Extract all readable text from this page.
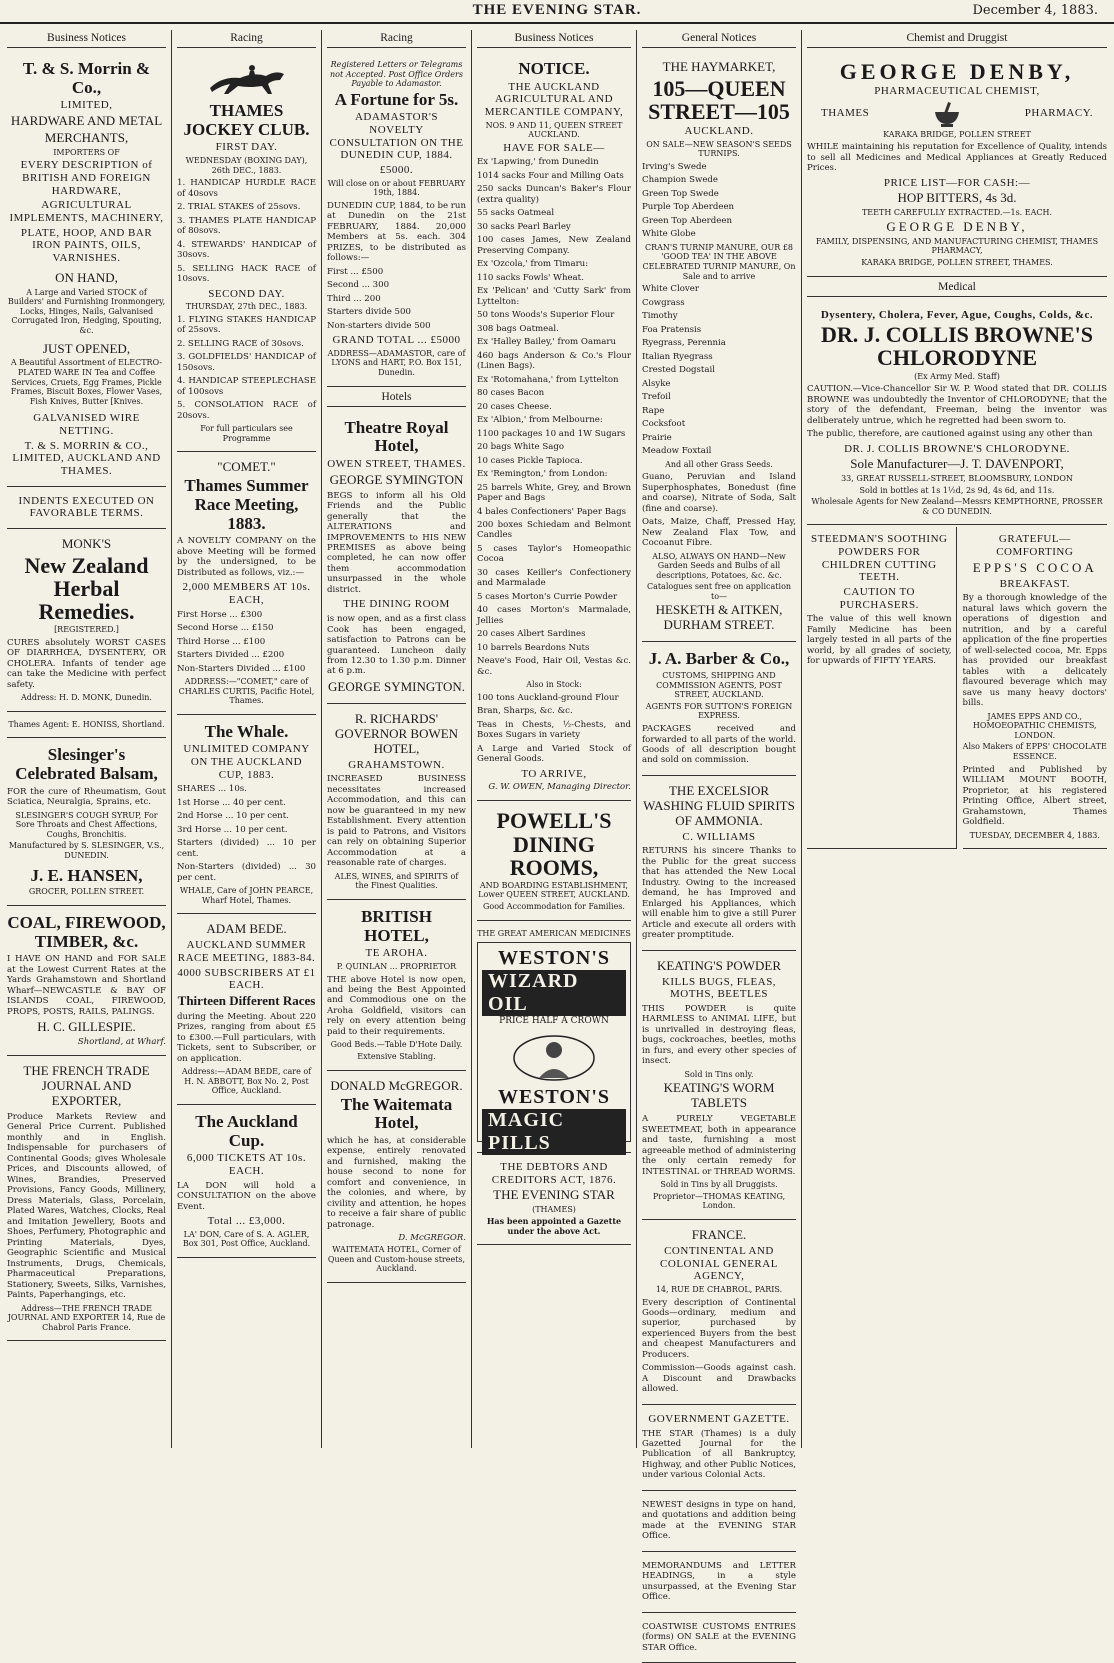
THE EVENING STAR.	December 4, 1883.
Business Notices
T. & S. Morrin & Co.,
LIMITED,
HARDWARE AND METAL
MERCHANTS,
IMPORTERS OF
EVERY DESCRIPTION of BRITISH AND FOREIGN HARDWARE,
AGRICULTURAL IMPLEMENTS, MACHINERY,
PLATE, HOOP, AND BAR IRON PAINTS, OILS, VARNISHES.
ON HAND,
A Large and Varied STOCK of Builders' and Furnishing Ironmongery, Locks, Hinges, Nails, Galvanised Corrugated Iron, Hedging, Spouting, &c.
JUST OPENED,
A Beautiful Assortment of ELECTRO-PLATED WARE IN Tea and Coffee Services, Cruets, Egg Frames, Pickle Frames, Biscuit Boxes, Flower Vases, Fish Knives, Butter [Knives.
GALVANISED WIRE NETTING.
T. & S. MORRIN & CO., LIMITED, AUCKLAND AND THAMES.
INDENTS EXECUTED ON FAVORABLE TERMS.
MONK'S
New Zealand Herbal Remedies.
[REGISTERED.]
CURES absolutely WORST CASES OF DIARRHŒA, DYSENTERY, OR CHOLERA. Infants of tender age can take the Medicine with perfect safety.
Address: H. D. MONK, Dunedin.
Thames Agent: E. HONISS, Shortland.
Slesinger's Celebrated Balsam,
FOR the cure of Rheumatism, Gout Sciatica, Neuralgia, Sprains, etc.
SLESINGER'S COUGH SYRUP, For Sore Throats and Chest Affections, Coughs, Bronchitis.
Manufactured by S. SLESINGER, V.S., DUNEDIN.
J. E. HANSEN,
GROCER, POLLEN STREET.
COAL, FIREWOOD, TIMBER, &c.
I HAVE ON HAND and FOR SALE at the Lowest Current Rates at the Yards Grahamstown and Shortland Wharf—NEWCASTLE & BAY OF ISLANDS COAL, FIREWOOD, PROPS, POSTS, RAILS, PALINGS.
H. C. GILLESPIE.
Shortland, at Wharf.
THE FRENCH TRADE JOURNAL AND EXPORTER,
Produce Markets Review and General Price Current. Published monthly and in English. Indispensable for purchasers of Continental Goods; gives Wholesale Prices, and Discounts allowed, of Wines, Brandies, Preserved Provisions, Fancy Goods, Millinery, Dress Materials, Glass, Porcelain, Plated Wares, Watches, Clocks, Real and Imitation Jewellery, Boots and Shoes, Perfumery, Photographic and Printing Materials, Dyes, Geographic Scientific and Musical Instruments, Drugs, Chemicals, Pharmaceutical Preparations, Stationery, Sweets, Silks, Varnishes, Paints, Paperhangings, etc.
Address—THE FRENCH TRADE JOURNAL AND EXPORTER 14, Rue de Chabrol Paris France.
Racing
THAMES JOCKEY CLUB.
FIRST DAY.
WEDNESDAY (BOXING DAY), 26th DEC., 1883.
1. HANDICAP HURDLE RACE of 40sovs
2. TRIAL STAKES of 25sovs.
3. THAMES PLATE HANDICAP of 80sovs.
4. STEWARDS' HANDICAP of 30sovs.
5. SELLING HACK RACE of 10sovs.
SECOND DAY.
THURSDAY, 27th DEC., 1883.
1. FLYING STAKES HANDICAP of 25sovs.
2. SELLING RACE of 30sovs.
3. GOLDFIELDS' HANDICAP of 150sovs.
4. HANDICAP STEEPLECHASE of 100sovs
5. CONSOLATION RACE of 20sovs.
For full particulars see Programme
"COMET."
Thames Summer Race Meeting, 1883.
A NOVELTY COMPANY on the above Meeting will be formed by the undersigned, to be Distributed as follows, viz.:—
2,000 MEMBERS AT 10s. EACH,
First Horse ... £300
Second Horse ... £150
Third Horse ... £100
Starters Divided ... £200
Non-Starters Divided ... £100
ADDRESS:—"COMET," care of CHARLES CURTIS, Pacific Hotel, Thames.
The Whale.
UNLIMITED COMPANY ON THE AUCKLAND CUP, 1883.
SHARES ... 10s.
1st Horse ... 40 per cent.
2nd Horse ... 10 per cent.
3rd Horse ... 10 per cent.
Starters (divided) ... 10 per cent.
Non-Starters (divided) ... 30 per cent.
WHALE, Care of JOHN PEARCE, Wharf Hotel, Thames.
ADAM BEDE.
AUCKLAND SUMMER RACE MEETING, 1883-84.
4000 SUBSCRIBERS AT £1 EACH.
Thirteen Different Races
during the Meeting. About 220 Prizes, ranging from about £5 to £300.—Full particulars, with Tickets, sent to Subscriber, or on application.
Address:—ADAM BEDE, care of H. N. ABBOTT, Box No. 2, Post Office, Auckland.
The Auckland Cup.
6,000 TICKETS AT 10s. EACH.
LA DON will hold a CONSULTATION on the above Event.
Total ... £3,000.
LA' DON, Care of S. A. AGLER, Box 301, Post Office, Auckland.
Racing
Registered Letters or Telegrams not Accepted. Post Office Orders Payable to Adamastor.
A Fortune for 5s.
ADAMASTOR'S NOVELTY CONSULTATION ON THE DUNEDIN CUP, 1884.
£5000.
Will close on or about FEBRUARY 19th, 1884.
DUNEDIN CUP, 1884, to be run at Dunedin on the 21st FEBRUARY, 1884. 20,000 Members at 5s. each. 304 PRIZES, to be distributed as follows:—
First ... £500
Second ... 300
Third ... 200
Starters divide 500
Non-starters divide 500
GRAND TOTAL ... £5000
ADDRESS—ADAMASTOR, care of LYONS and HART, P.O. Box 151, Dunedin.
Hotels
Theatre Royal Hotel,
OWEN STREET, THAMES.
GEORGE SYMINGTON
BEGS to inform all his Old Friends and the Public generally that the ALTERATIONS and IMPROVEMENTS to HIS NEW PREMISES as above being completed, he can now offer them accommodation unsurpassed in the whole district.
THE DINING ROOM
is now open, and as a first class Cook has been engaged, satisfaction to Patrons can be guaranteed. Luncheon daily from 12.30 to 1.30 p.m. Dinner at 6 p.m.
GEORGE SYMINGTON.
R. RICHARDS' GOVERNOR BOWEN HOTEL,
GRAHAMSTOWN.
INCREASED BUSINESS necessitates increased Accommodation, and this can now be guaranteed in my new Establishment. Every attention is paid to Patrons, and Visitors can rely on obtaining Superior Accommodation at a reasonable rate of charges.
ALES, WINES, and SPIRITS of the Finest Qualities.
BRITISH HOTEL,
TE AROHA.
P. QUINLAN ... PROPRIETOR
THE above Hotel is now open, and being the Best Appointed and Commodious one on the Aroha Goldfield, visitors can rely on every attention being paid to their requirements.
Good Beds.—Table D'Hote Daily.
Extensive Stabling.
DONALD McGREGOR.
The Waitemata Hotel,
which he has, at considerable expense, entirely renovated and furnished, making the house second to none for comfort and convenience, in the colonies, and where, by civility and attention, he hopes to receive a fair share of public patronage.
D. McGREGOR.
WAITEMATA HOTEL, Corner of Queen and Custom-house streets, Auckland.
Business Notices
NOTICE.
THE AUCKLAND AGRICULTURAL AND MERCANTILE COMPANY,
NOS. 9 AND 11, QUEEN STREET AUCKLAND.
HAVE FOR SALE—
Ex 'Lapwing,' from Dunedin
1014 sacks Four and Milling Oats
250 sacks Duncan's Baker's Flour (extra quality)
55 sacks Oatmeal
30 sacks Pearl Barley
100 cases James, New Zealand Preserving Company.
Ex 'Ozcola,' from Timaru:
110 sacks Fowls' Wheat.
Ex 'Pelican' and 'Cutty Sark' from Lyttelton:
50 tons Woods's Superior Flour
308 bags Oatmeal.
Ex 'Halley Bailey,' from Oamaru
460 bags Anderson & Co.'s Flour (Linen Bags).
Ex 'Rotomahana,' from Lyttelton
80 cases Bacon
20 cases Cheese.
Ex 'Albion,' from Melbourne:
1100 packages 10 and 1W Sugars
20 bags White Sago
10 cases Pickle Tapioca.
Ex 'Remington,' from London:
25 barrels White, Grey, and Brown Paper and Bags
4 bales Confectioners' Paper Bags
200 boxes Schiedam and Belmont Candles
5 cases Taylor's Homeopathic Cocoa
30 cases Keiller's Confectionery and Marmalade
5 cases Morton's Currie Powder
40 cases Morton's Marmalade, Jellies
20 cases Albert Sardines
10 barrels Beardons Nuts
Neave's Food, Hair Oil, Vestas &c. &c.
Also in Stock:
100 tons Auckland-ground Flour
Bran, Sharps, &c. &c.
Teas in Chests, ½-Chests, and Boxes Sugars in variety
A Large and Varied Stock of General Goods.
TO ARRIVE,
G. W. OWEN, Managing Director.
POWELL'S DINING ROOMS,
AND BOARDING ESTABLISHMENT, Lower QUEEN STREET, AUCKLAND.
Good Accommodation for Families.
THE GREAT AMERICAN MEDICINES
WESTON'S
WIZARD OIL
PRICE HALF A CROWN
WESTON'S
MAGIC PILLS
THE DEBTORS AND CREDITORS ACT, 1876.
THE EVENING STAR
(THAMES)
Has been appointed a Gazette under the above Act.
General Notices
THE HAYMARKET,
105—QUEEN STREET—105
AUCKLAND.
ON SALE—NEW SEASON'S SEEDS TURNIPS.
Irving's Swede
Champion Swede
Green Top Swede
Purple Top Aberdeen
Green Top Aberdeen
White Globe
CRAN'S TURNIP MANURE, OUR £8 'GOOD TEA' IN THE ABOVE CELEBRATED TURNIP MANURE, On Sale and to arrive
White Clover
Cowgrass
Timothy
Foa Pratensis
Ryegrass, Perennia
Italian Ryegrass
Crested Dogstail
Alsyke
Trefoil
Rape
Cocksfoot
Prairie
Meadow Foxtail
And all other Grass Seeds.
Guano, Peruvian and Island Superphosphates, Bonedust (fine and coarse), Nitrate of Soda, Salt (fine and coarse).
Oats, Maize, Chaff, Pressed Hay, New Zealand Flax Tow, and Cocoanut Fibre.
ALSO, ALWAYS ON HAND—New Garden Seeds and Bulbs of all descriptions, Potatoes, &c. &c.
Catalogues sent free on application to—
HESKETH & AITKEN, DURHAM STREET.
J. A. Barber & Co.,
CUSTOMS, SHIPPING AND COMMISSION AGENTS, POST STREET, AUCKLAND.
AGENTS FOR SUTTON'S FOREIGN EXPRESS.
PACKAGES received and forwarded to all parts of the world. Goods of all description bought and sold on commission.
THE EXCELSIOR WASHING FLUID SPIRITS OF AMMONIA.
C. WILLIAMS
RETURNS his sincere Thanks to the Public for the great success that has attended the New Local Industry. Owing to the increased demand, he has Improved and Enlarged his Appliances, which will enable him to give a still Purer Article and execute all orders with greater promptitude.
KEATING'S POWDER
KILLS BUGS, FLEAS, MOTHS, BEETLES
THIS POWDER is quite HARMLESS to ANIMAL LIFE, but is unrivalled in destroying fleas, bugs, cockroaches, beetles, moths in furs, and every other species of insect.
Sold in Tins only.
KEATING'S WORM TABLETS
A PURELY VEGETABLE SWEETMEAT, both in appearance and taste, furnishing a most agreeable method of administering the only certain remedy for INTESTINAL or THREAD WORMS.
Sold in Tins by all Druggists.
Proprietor—THOMAS KEATING, London.
FRANCE.
CONTINENTAL AND COLONIAL GENERAL AGENCY,
14, RUE DE CHABROL, PARIS.
Every description of Continental Goods—ordinary, medium and superior, purchased by experienced Buyers from the best and cheapest Manufacturers and Producers.
Commission—Goods against cash. A Discount and Drawbacks allowed.
GOVERNMENT GAZETTE.
THE STAR (Thames) is a duly Gazetted Journal for the Publication of all Bankruptcy, Highway, and other Public Notices, under various Colonial Acts.
NEWEST designs in type on hand, and quotations and addition being made at the EVENING STAR Office.
MEMORANDUMS and LETTER HEADINGS, in a style unsurpassed, at the Evening Star Office.
COASTWISE CUSTOMS ENTRIES (forms) ON SALE at the EVENING STAR Office.
Chemist and Druggist
GEORGE DENBY,
PHARMACEUTICAL CHEMIST,
THAMES	PHARMACY.
KARAKA BRIDGE, POLLEN STREET
WHILE maintaining his reputation for Excellence of Quality, intends to sell all Medicines and Medical Appliances at Greatly Reduced Prices.
PRICE LIST—FOR CASH:—
HOP BITTERS, 4s 3d.
TEETH CAREFULLY EXTRACTED.—1s. EACH.
GEORGE DENBY,
FAMILY, DISPENSING, AND MANUFACTURING CHEMIST, THAMES PHARMACY,
KARAKA BRIDGE, POLLEN STREET, THAMES.
Medical
Dysentery, Cholera, Fever, Ague, Coughs, Colds, &c.
DR. J. COLLIS BROWNE'S CHLORODYNE
(Ex Army Med. Staff)
CAUTION.—Vice-Chancellor Sir W. P. Wood stated that DR. COLLIS BROWNE was undoubtedly the Inventor of CHLORODYNE; that the story of the defendant, Freeman, being the inventor was deliberately untrue, which he regretted had been sworn to.
The public, therefore, are cautioned against using any other than
DR. J. COLLIS BROWNE'S CHLORODYNE.
Sole Manufacturer—J. T. DAVENPORT,
33, GREAT RUSSELL-STREET, BLOOMSBURY, LONDON
Sold in bottles at 1s 1½d, 2s 9d, 4s 6d, and 11s.
Wholesale Agents for New Zealand—Messrs KEMPTHORNE, PROSSER & CO DUNEDIN.
STEEDMAN'S SOOTHING POWDERS FOR CHILDREN CUTTING TEETH.
CAUTION TO PURCHASERS.
The value of this well known Family Medicine has been largely tested in all parts of the world, by all grades of society, for upwards of FIFTY YEARS.
GRATEFUL—COMFORTING
EPPS'S COCOA
BREAKFAST.
By a thorough knowledge of the natural laws which govern the operations of digestion and nutrition, and by a careful application of the fine properties of well-selected cocoa, Mr. Epps has provided our breakfast tables with a delicately flavoured beverage which may save us many heavy doctors' bills.
JAMES EPPS AND CO., HOMOEOPATHIC CHEMISTS, LONDON.
Also Makers of EPPS' CHOCOLATE ESSENCE.
Printed and Published by WILLIAM MOUNT BOOTH, Proprietor, at his registered Printing Office, Albert street, Grahamstown, Thames Goldfield.
TUESDAY, DECEMBER 4, 1883.
